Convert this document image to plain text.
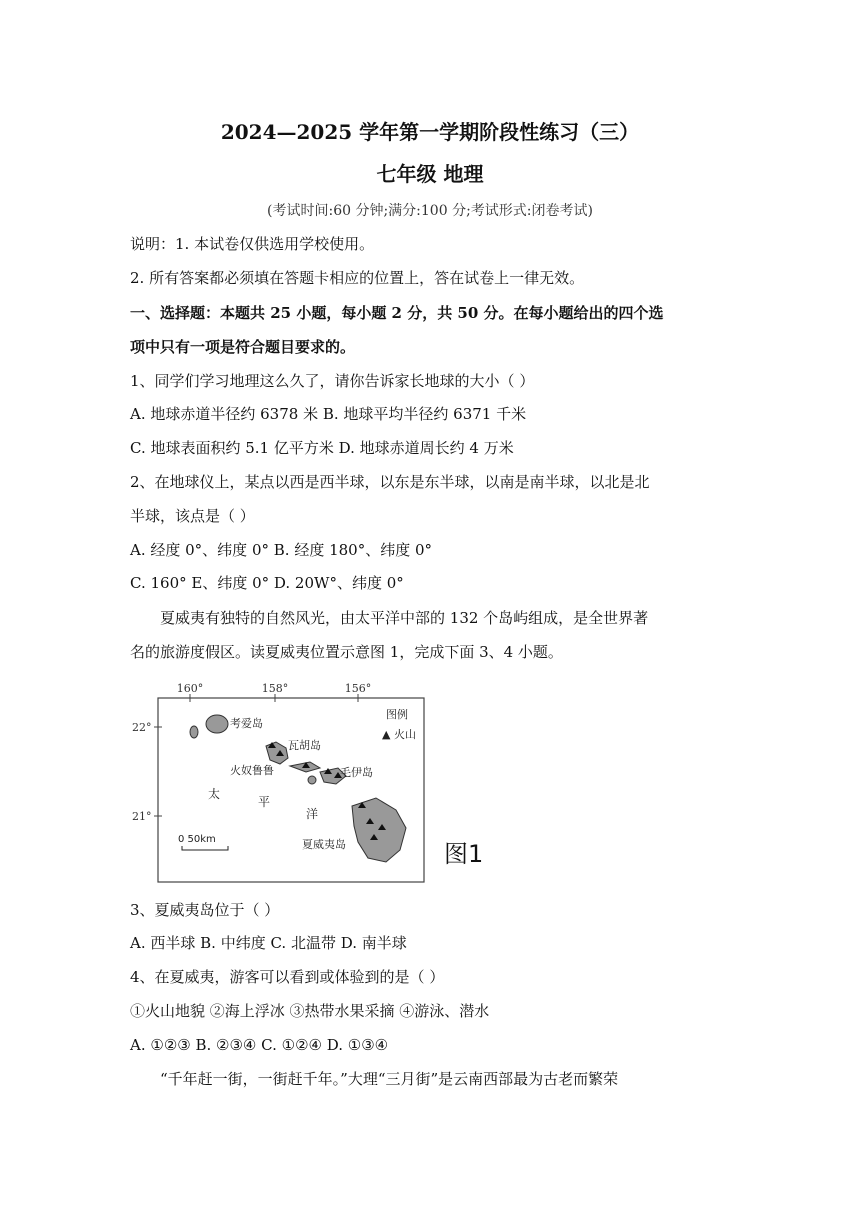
2024—2025 学年第一学期阶段性练习（三）
七年级 地理
(考试时间:60 分钟;满分:100 分;考试形式:闭卷考试)
说明：1. 本试卷仅供选用学校使用。
2. 所有答案都必须填在答题卡相应的位置上，答在试卷上一律无效。
一、选择题：本题共 25 小题，每小题 2 分，共 50 分。在每小题给出的四个选
项中只有一项是符合题目要求的。
1、同学们学习地理这么久了，请你告诉家长地球的大小（ ）
A. 地球赤道半径约 6378 米 B. 地球平均半径约 6371 千米
C. 地球表面积约 5.1 亿平方米 D. 地球赤道周长约 4 万米
2、在地球仪上，某点以西是西半球，以东是东半球，以南是南半球，以北是北
半球，该点是（ ）
A. 经度 0°、纬度 0° B. 经度 180°、纬度 0°
C. 160° E、纬度 0° D. 20W°、纬度 0°
夏威夷有独特的自然风光，由太平洋中部的 132 个岛屿组成，是全世界著
名的旅游度假区。读夏威夷位置示意图 1，完成下面 3、4 小题。
160°	158°	156°
22°
21°
考爱岛
瓦胡岛
火奴鲁鲁	毛伊岛
夏威夷岛
太
平
洋
图例
▲ 火山
0 50km
图1
3、夏威夷岛位于（ ）
A. 西半球 B. 中纬度 C. 北温带 D. 南半球
4、在夏威夷，游客可以看到或体验到的是（ ）
①火山地貌 ②海上浮冰 ③热带水果采摘 ④游泳、潜水
A. ①②③ B. ②③④ C. ①②④ D. ①③④
“千年赶一街，一街赶千年。”大理“三月街”是云南西部最为古老而繁荣
